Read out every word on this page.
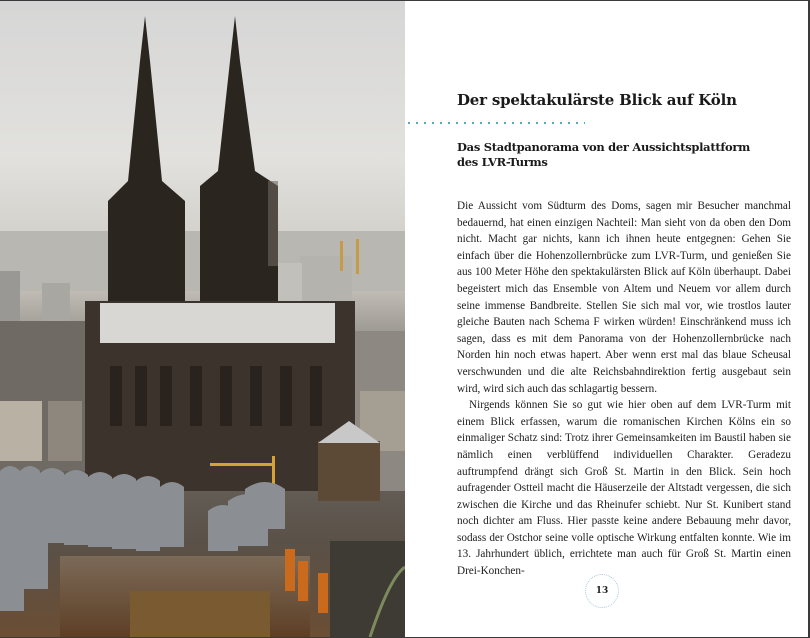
Der spektakulärste Blick auf Köln
Das Stadtpanorama von der Aussichtsplattform des LVR-Turms

Die Aussicht vom Südturm des Doms, sagen mir Besucher manchmal bedauernd, hat einen einzigen Nachteil: Man sieht von da oben den Dom nicht. Macht gar nichts, kann ich ihnen heute entgegnen: Gehen Sie einfach über die Hohenzollernbrücke zum LVR-Turm, und genießen Sie aus 100 Meter Höhe den spektakulärsten Blick auf Köln überhaupt. Dabei begeistert mich das Ensemble von Altem und Neuem vor allem durch seine immense Bandbreite. Stellen Sie sich mal vor, wie trostlos lauter gleiche Bauten nach Schema F wirken würden! Einschränkend muss ich sagen, dass es mit dem Panorama von der Hohenzollernbrücke nach Norden hin noch etwas hapert. Aber wenn erst mal das blaue Scheusal verschwunden und die alte Reichsbahndirektion fertig ausgebaut sein wird, wird sich auch das schlagartig bessern.

Nirgends können Sie so gut wie hier oben auf dem LVR-Turm mit einem Blick erfassen, warum die romanischen Kirchen Kölns ein so einmaliger Schatz sind: Trotz ihrer Gemeinsamkeiten im Baustil haben sie nämlich einen verblüffend individuellen Charakter. Geradezu auftrumpfend drängt sich Groß St. Martin in den Blick. Sein hoch aufragender Ostteil macht die Häuserzeile der Altstadt vergessen, die sich zwischen die Kirche und das Rheinufer schiebt. Nur St. Kunibert stand noch dichter am Fluss. Hier passte keine andere Bebauung mehr davor, sodass der Ostchor seine volle optische Wirkung entfalten konnte. Wie im 13. Jahrhundert üblich, errichtete man auch für Groß St. Martin einen Drei-Konchen-

13
